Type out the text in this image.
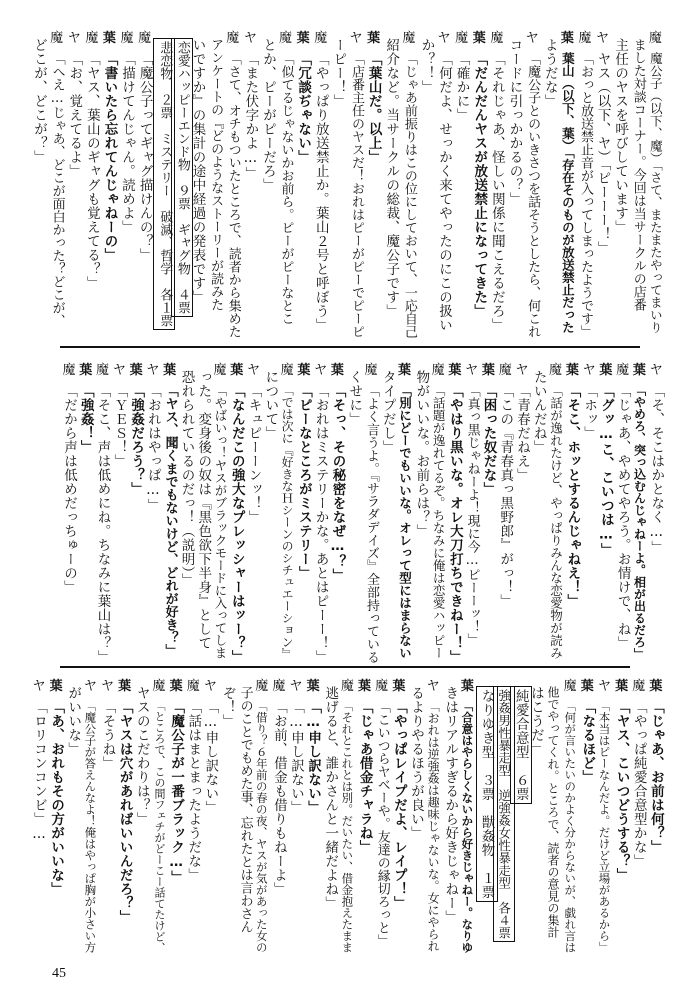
魔
魔公子（以下、魔）「さて、またまたやってまいり
ました対談コーナー。今回は当サークルの店番
主任のヤスを呼びしています」
ヤ
ヤス（以下、ヤ）「ピーーー！」
魔
「おっと放送禁止音が入ってしまったようです」
葉
葉山（以下、葉）「存在そのものが放送禁止だった
ようだな」
ヤ
「魔公子とのいきさつを話そうとしたら、何これ
コードに引っかかるの？」
魔
「それじゃあ、怪しい関係に聞こえるだろ」
葉
「だんだんヤスが放送禁止になってきた」
魔
「確かに」
ヤ
「何だよ、せっかく来てやったのにこの扱い
か？！」
魔
「じゃあ前振りはこの位にしておいて、一応自己
紹介など。当サークルの総裁、魔公子です」
葉
「葉山だ。以上」
ヤ
「店番主任のヤスだ！おれはピーがピーでピーピ
ーピー！」
魔
「やっぱり放送禁止か。葉山２号と呼ぼう」
葉
「冗談ぢゃない」
魔
「似てるじゃないかお前ら。ピーがピーなとこ
とか、ピーがピーだろ」
ヤ
「また伏字かよ…」
魔
「さて、オチもついたところで、読者から集めた
アンケートの『どのようなストーリーが読みた
いですか』の集計の途中経過の発表です」
恋愛ハッピーエンド物　９票　ギャグ物　４票
悲恋物　２票　ミステリー　破滅、哲学　各１票
魔
「魔公子ってギャグ描けんの？」
魔
「描けてんじゃん。読めよ」
葉
「書いたら忘れてんじゃねーの」
魔
「ヤス、葉山のギャグも覚えてる？」
ヤ
「お、覚えてるよ」
魔
「へえ…じゃあ、どこが面白かった？どこが、
どこが、どこが？」
ヤ
「そ、そこはかとなく…」
葉
「やめろ、突っ込むんじゃねーよ。相が出るだろ」
魔
「じゃあ、やめてやろう。お情けで、ね」
葉
「グッ…こ、こいつは…」
ヤ
「ホッ」
葉
「そこ、ホッとするんじゃねえ！」
魔
「話が逸れたけど、やっぱりみんな恋愛物が読み
たいんだね」
ヤ
「青春だねえ」
魔
「この『青春真っ黒野郎』がっ！」
葉
「困った奴だな」
ヤ
「真っ黒じゃねーよ！現に今…ピーーッ！」
葉
「やはり黒いな。オレ大刀打ちできねー！」
魔
「話題が逸れてるぞ。ちなみに俺は恋愛ハッピー
物がいいな。お前らは？」
葉
「別にどーでもいいな。オレって型にはまらない
タイプだし」
魔
「よく言うよ。『サラダデイズ』全部持っている
くせに」
葉
「そっ、その秘密をなぜ…？」
ヤ
「おれはミステリーかな。あとはピーー！」
葉
「ピーなところがミステリー」
魔
「では次に『好きなＨシーンのシチュエーション』
について」
ヤ
「キュピーーンッ！」
葉
「なんだこの強大なプレッシャーはッー？」
魔
「やばいっ！ヤスがブラックモードに入ってしま
った。変身後の奴は『黒色欲下半身』として
恐れられているのだっ！（説明）」
葉
「ヤス、聞くまでもないけど、どれが好き？」
ヤ
「おれはやっぱ…」
葉
「強姦だろう？」
ヤ
「ＹＥＳ！」
魔
「そこ、声は低めにね。ちなみに葉山は？」
葉
「強姦！」
魔
「だから声は低めだっちゅーの」
葉
「じゃあ、お前は何？」
魔
「やっぱ純愛合意型かな」
葉
「ヤス、こいつどうする？」
ヤ
「本当はピーなんだよ。だけど立場があるから」
葉
「なるほど」
魔
「何が言いたいのかよく分からないが、戯れ言は
他でやってくれ。ところで、読者の意見の集計
はこうだ」
純愛合意型　６票
強姦男性暴走型　逆強姦女性暴走型　各４票
なりゆき型　３票　獣姦物　１票
葉
「合意はやらしくないから好きじゃねー。なりゆ
きはリアルすぎるから好きじゃねー」
ヤ
「おれは逆強姦は趣味じゃないな。女にやられ
るよりやるほうが良い」
葉
「やっぱレイプだよ、レイプ！」
魔
「こいつらヤベーや。友達の縁切ろっと」
葉
「じゃあ借金チャラね」
魔
「それとこれとは別。だいたい、借金抱えたまま
逃げると、誰かさんと一緒だよね」
葉
「…申し訳ない」
ヤ
「…申し訳ない」
魔
「お前、借金も借りもねーよ」
魔
「借り？６年前の春の夜、ヤスが気があった女の
子のことでもめた事、忘れたとは言わさん
ぞ！」
ヤ
「…申し訳ない」
魔
「話はまとまったようだな」
葉
「魔公子が一番ブラック…」
魔
「ところで、この間フェチがどーこー話てたけど、
ヤスのこだわりは？」
葉
「ヤスは穴があればいいんだろ？」
ヤ
「そうね」
ヤ
「魔公子が答えんなよ！俺はやっぱ胸が小さい方
がいいな」
葉
「あ、おれもその方がいいな」
ヤ
「ロリコンコンビ」…
45
